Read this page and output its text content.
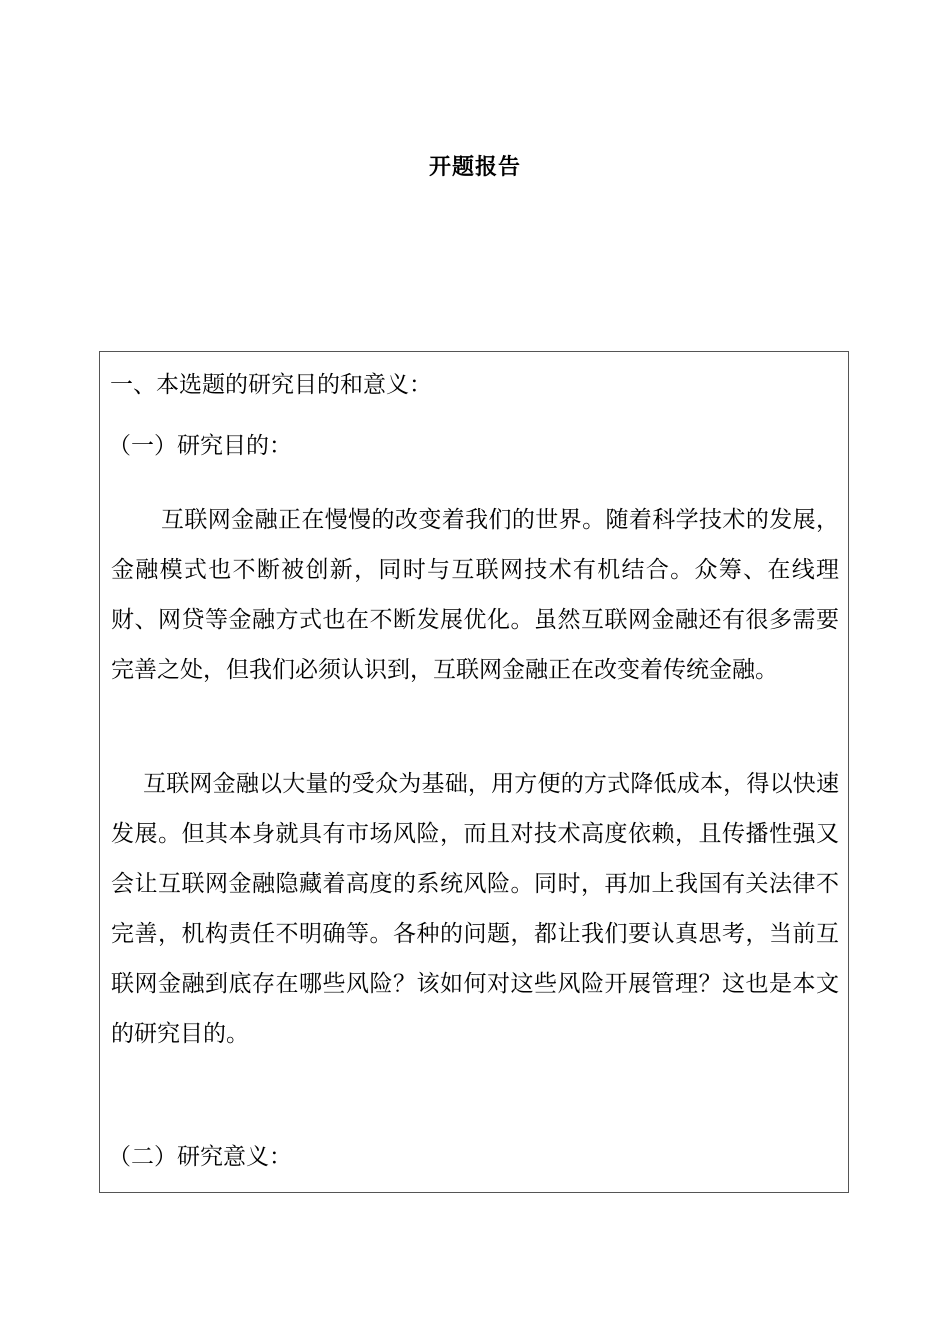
开题报告
一、本选题的研究目的和意义：
（一）研究目的：
互联网金融正在慢慢的改变着我们的世界。随着科学技术的发展，金融模式也不断被创新，同时与互联网技术有机结合。众筹、在线理财、网贷等金融方式也在不断发展优化。虽然互联网金融还有很多需要完善之处，但我们必须认识到，互联网金融正在改变着传统金融。
互联网金融以大量的受众为基础，用方便的方式降低成本，得以快速发展。但其本身就具有市场风险，而且对技术高度依赖，且传播性强又会让互联网金融隐藏着高度的系统风险。同时，再加上我国有关法律不完善，机构责任不明确等。各种的问题，都让我们要认真思考，当前互联网金融到底存在哪些风险？该如何对这些风险开展管理？这也是本文的研究目的。
（二）研究意义：
